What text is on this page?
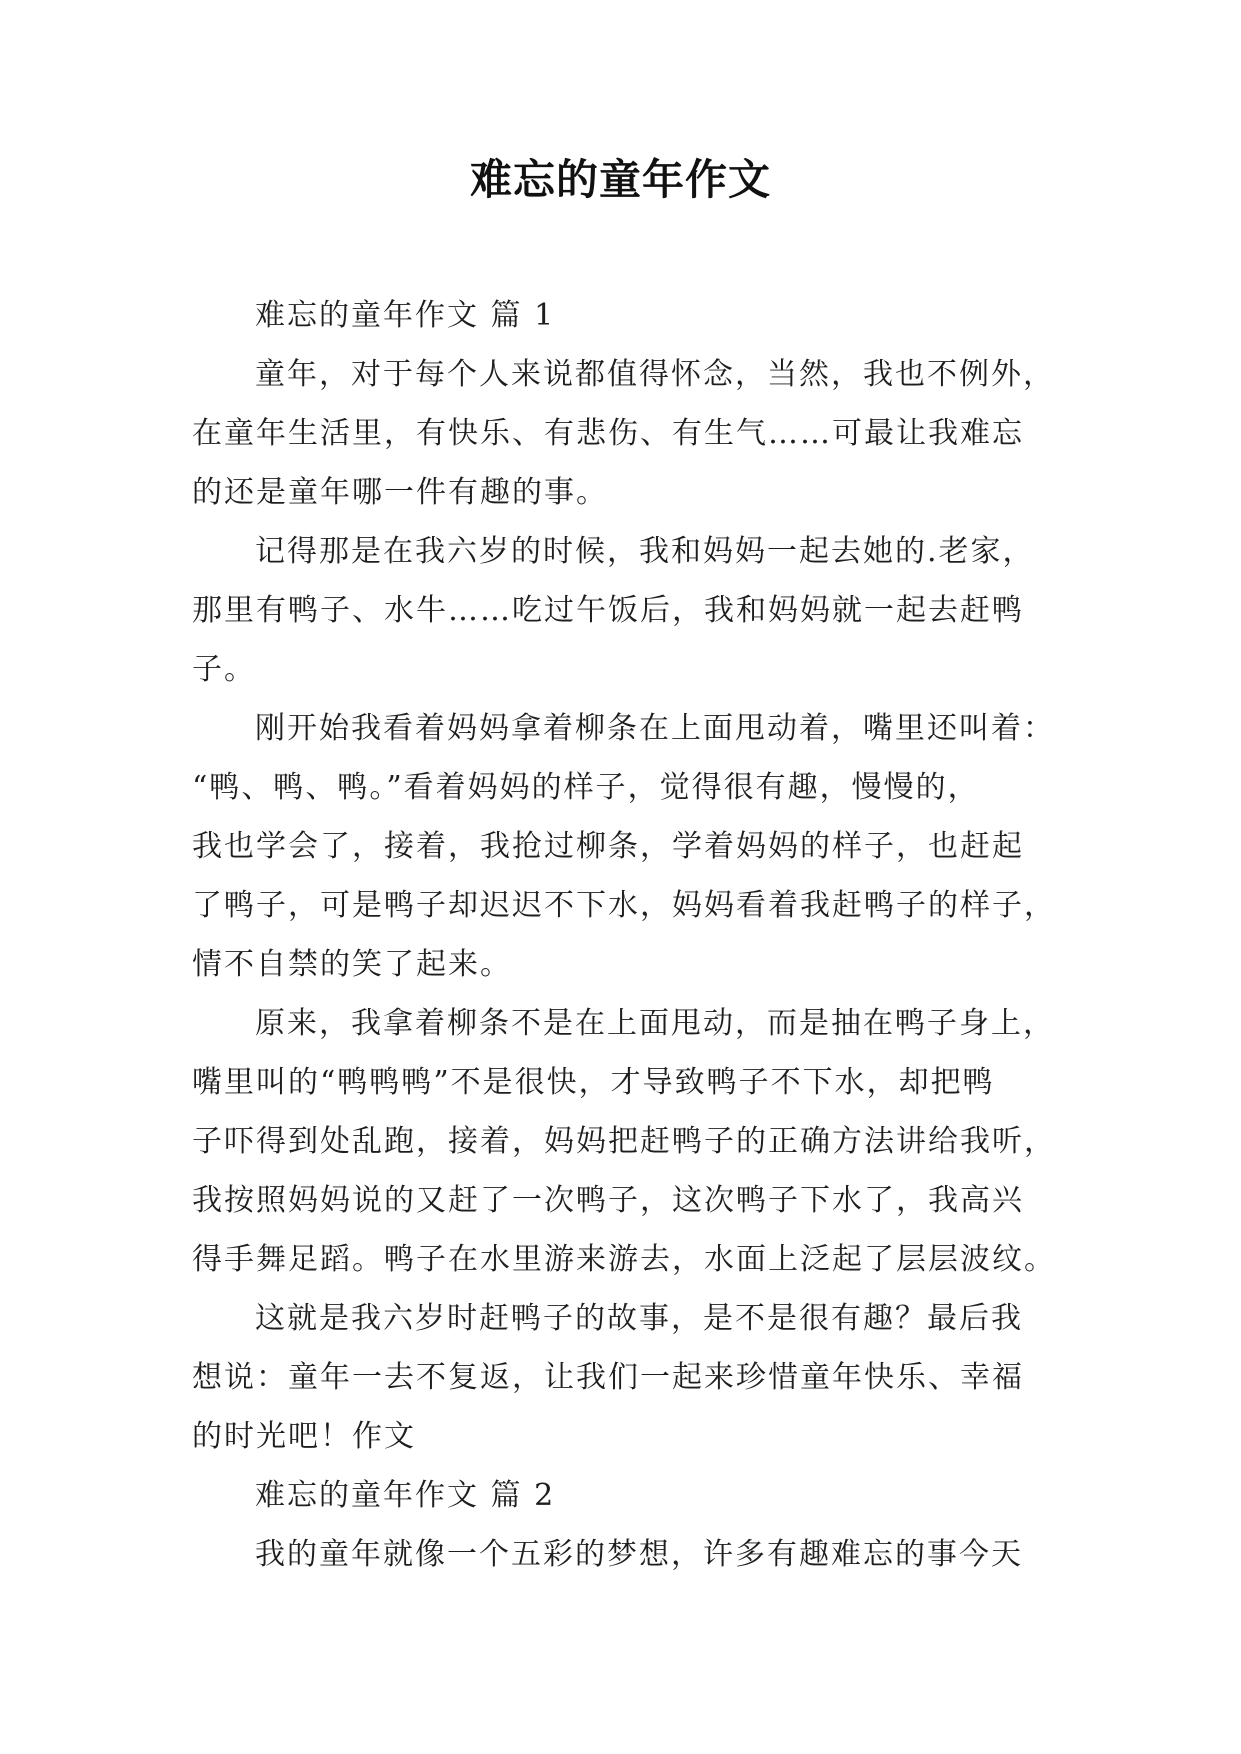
难忘的童年作文
难忘的童年作文 篇 1
童年，对于每个人来说都值得怀念，当然，我也不例外，
在童年生活里，有快乐、有悲伤、有生气……可最让我难忘
的还是童年哪一件有趣的事。
记得那是在我六岁的时候，我和妈妈一起去她的.老家，
那里有鸭子、水牛……吃过午饭后，我和妈妈就一起去赶鸭
子。
刚开始我看着妈妈拿着柳条在上面甩动着，嘴里还叫着：
“鸭、鸭、鸭。”看着妈妈的样子，觉得很有趣，慢慢的，
我也学会了，接着，我抢过柳条，学着妈妈的样子，也赶起
了鸭子，可是鸭子却迟迟不下水，妈妈看着我赶鸭子的样子，
情不自禁的笑了起来。
原来，我拿着柳条不是在上面甩动，而是抽在鸭子身上，
嘴里叫的“鸭鸭鸭”不是很快，才导致鸭子不下水，却把鸭
子吓得到处乱跑，接着，妈妈把赶鸭子的正确方法讲给我听，
我按照妈妈说的又赶了一次鸭子，这次鸭子下水了，我高兴
得手舞足蹈。鸭子在水里游来游去，水面上泛起了层层波纹。
这就是我六岁时赶鸭子的故事，是不是很有趣？最后我
想说：童年一去不复返，让我们一起来珍惜童年快乐、幸福
的时光吧！作文
难忘的童年作文 篇 2
我的童年就像一个五彩的梦想，许多有趣难忘的事今天
